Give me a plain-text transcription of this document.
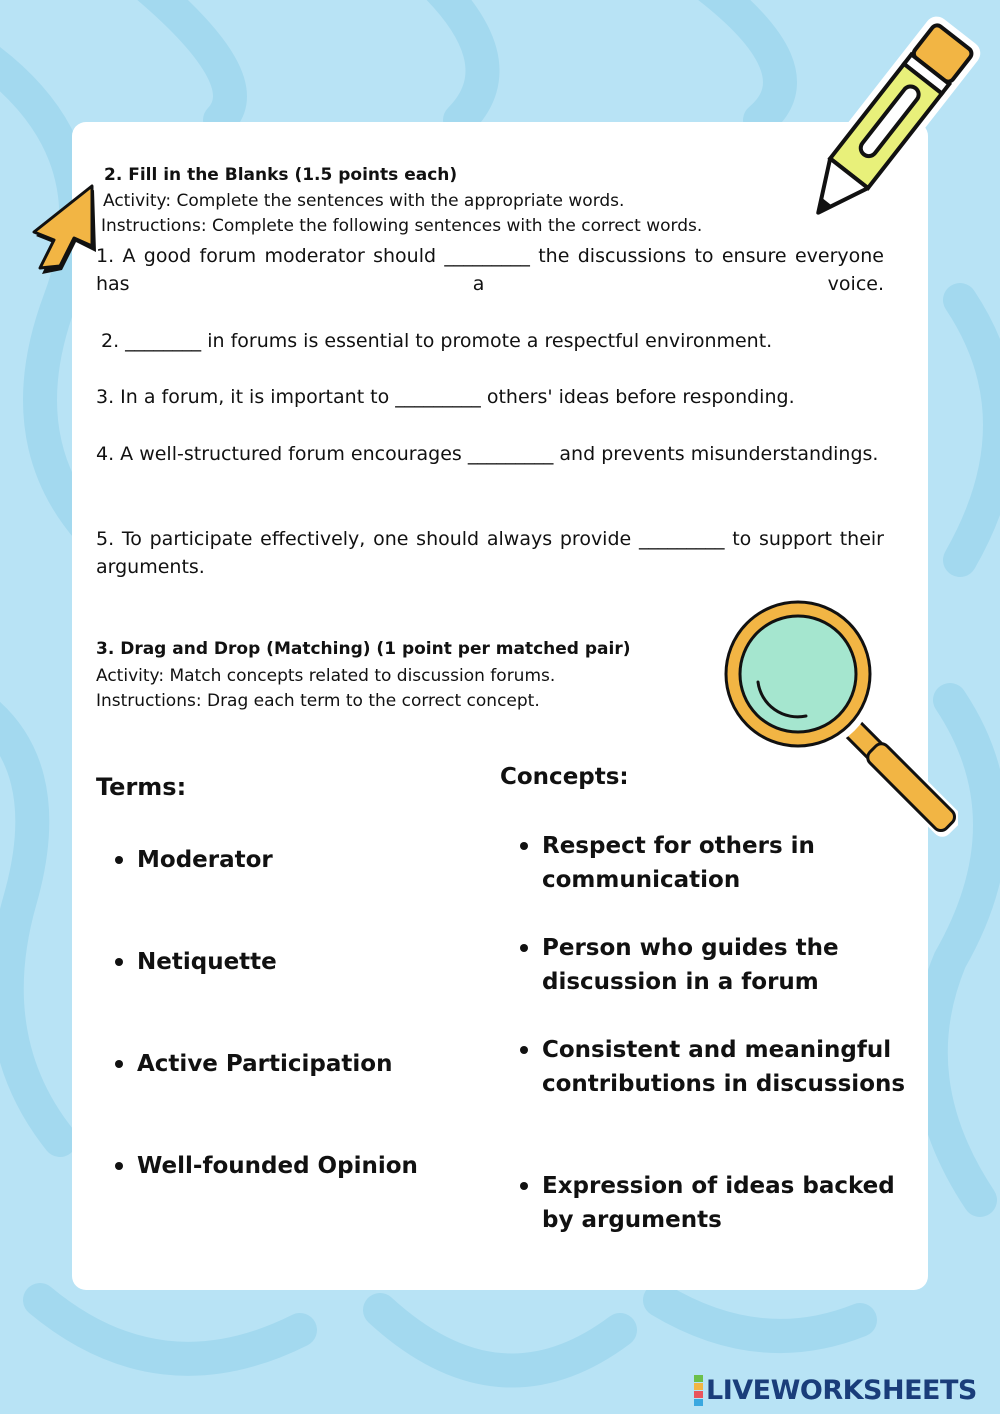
2. Fill in the Blanks (1.5 points each)
Activity: Complete the sentences with the appropriate words.
Instructions: Complete the following sentences with the correct words.
1. A good forum moderator should _________ the discussions to ensure everyone has a voice.
2. ________ in forums is essential to promote a respectful environment.
3. In a forum, it is important to _________ others' ideas before responding.
4. A well-structured forum encourages _________ and prevents misunderstandings.
5. To participate effectively, one should always provide _________ to support their arguments.
3. Drag and Drop (Matching) (1 point per matched pair)
Activity: Match concepts related to discussion forums.
Instructions: Drag each term to the correct concept.
Terms:	Concepts:
Moderator
Netiquette
Active Participation
Well-founded Opinion
Respect for others in communication
Person who guides the discussion in a forum
Consistent and meaningful contributions in discussions
Expression of ideas backed by arguments
LIVEWORKSHEETS
